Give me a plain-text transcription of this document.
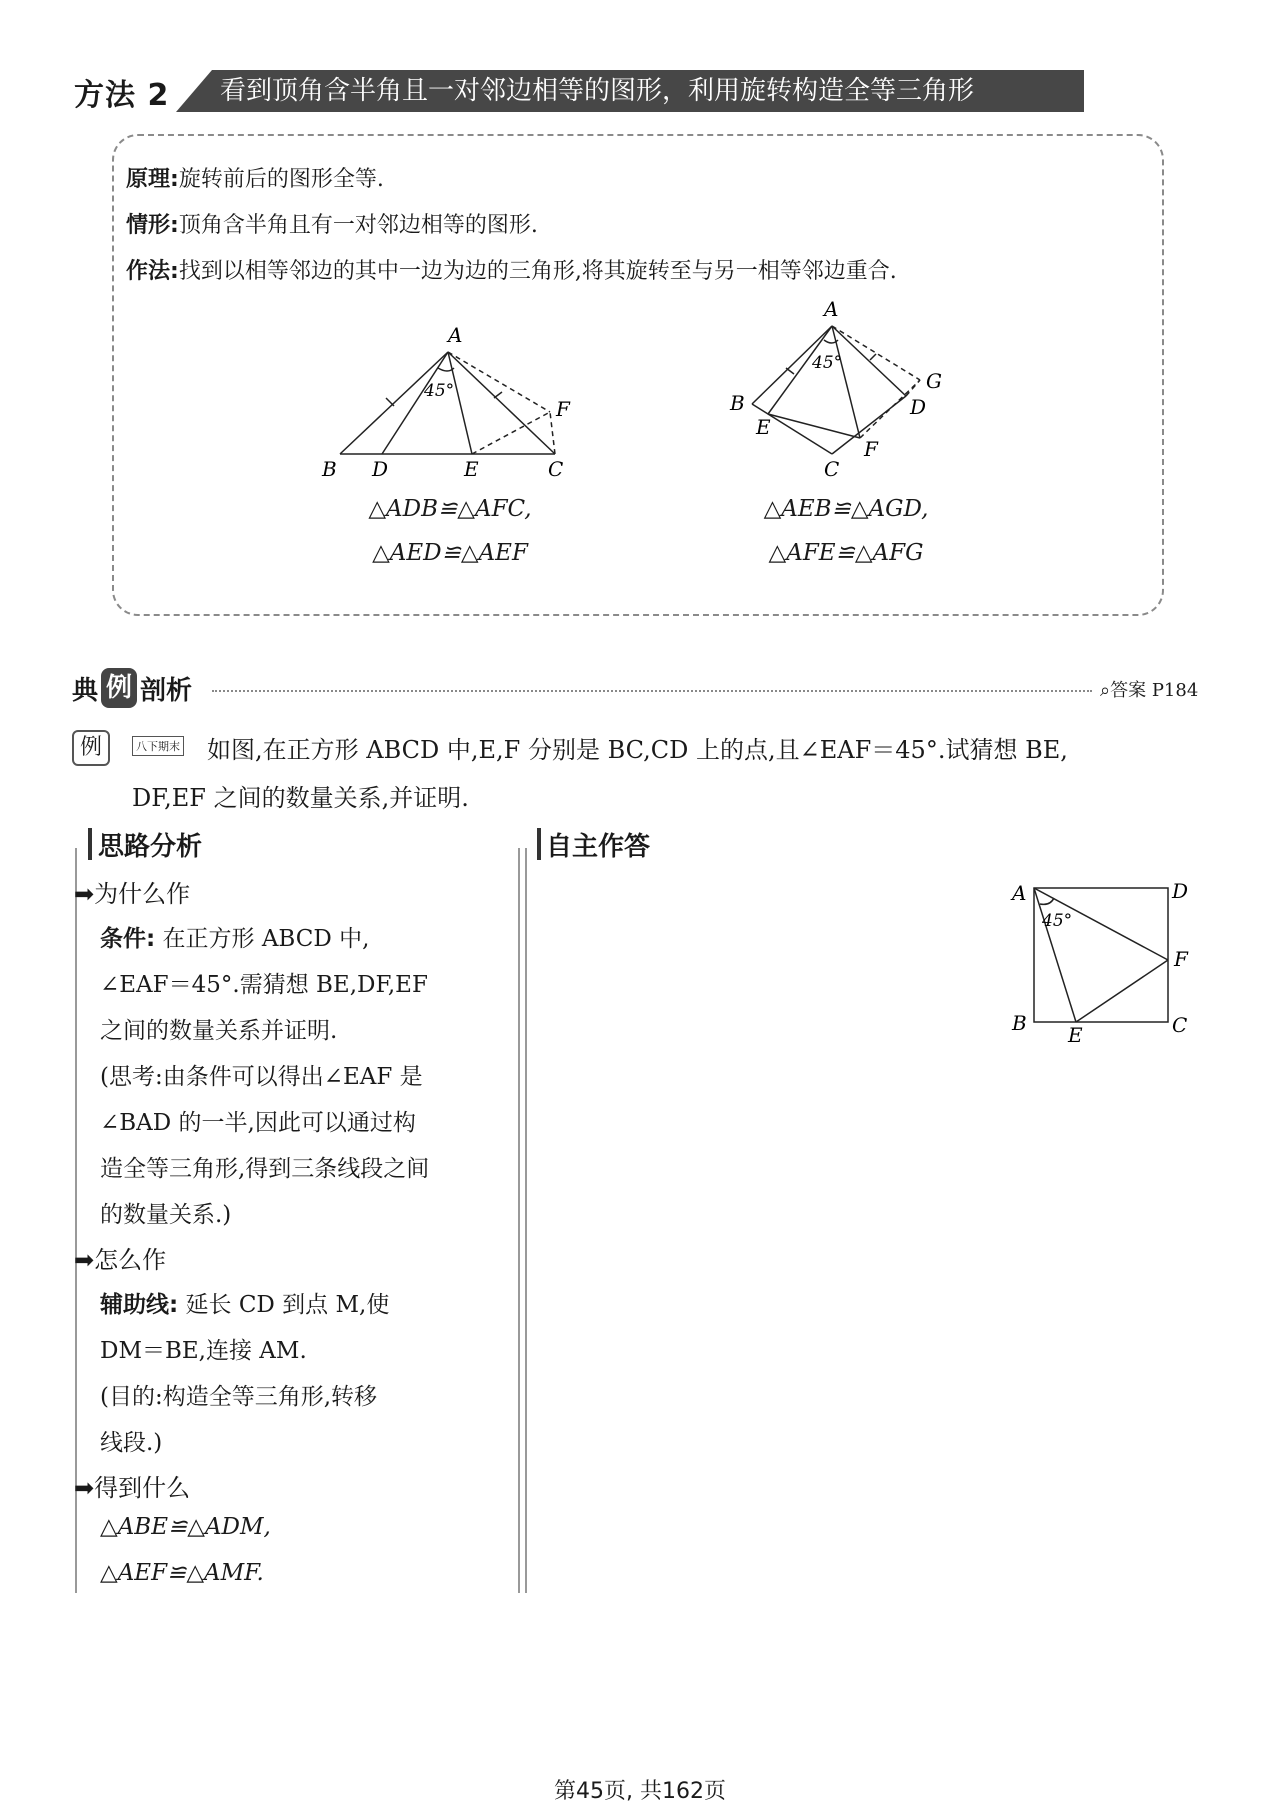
方法 2	看到顶角含半角且一对邻边相等的图形，利用旋转构造全等三角形
原理:旋转前后的图形全等.
情形:顶角含半角且有一对邻边相等的图形.
作法:找到以相等邻边的其中一边为边的三角形,将其旋转至与另一相等邻边重合.
A
B D	E	C
F
45°
△ADB≌△AFC,
△AED≌△AEF
A
B
E
C
F
D
G
45°
△AEB≌△AGD,
△AFE≌△AFG
典 例 剖析	⌕答案 P184
例	八下期末 如图,在正方形 ABCD 中,E,F 分别是 BC,CD 上的点,且∠EAF＝45°.试猜想 BE,
DF,EF 之间的数量关系,并证明.
思路分析
➡为什么作
条件: 在正方形 ABCD 中,
∠EAF＝45°.需猜想 BE,DF,EF
之间的数量关系并证明.
(思考:由条件可以得出∠EAF 是
∠BAD 的一半,因此可以通过构
造全等三角形,得到三条线段之间
的数量关系.)
➡怎么作
辅助线: 延长 CD 到点 M,使
DM＝BE,连接 AM.
(目的:构造全等三角形,转移
线段.)
➡得到什么
△ABE≌△ADM,
△AEF≌△AMF.
自主作答
A	D
F
B E	C
45°
第45页, 共162页
